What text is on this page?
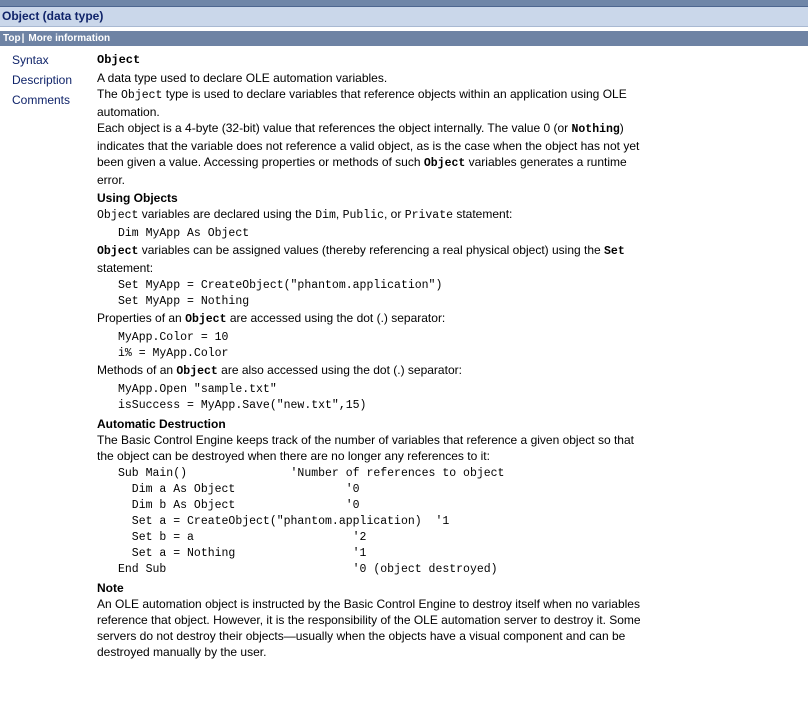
Object (data type)
Top| More information
Syntax
Description
Comments
Object

A data type used to declare OLE automation variables.

The Object type is used to declare variables that reference objects within an application using OLE automation.

Each object is a 4-byte (32-bit) value that references the object internally. The value 0 (or Nothing) indicates that the variable does not reference a valid object, as is the case when the object has not yet been given a value. Accessing properties or methods of such Object variables generates a runtime error.

Using Objects

Object variables are declared using the Dim, Public, or Private statement:

Dim MyApp As Object

Object variables can be assigned values (thereby referencing a real physical object) using the Set statement:

Set MyApp = CreateObject("phantom.application")
Set MyApp = Nothing

Properties of an Object are accessed using the dot (.) separator:

MyApp.Color = 10
i% = MyApp.Color

Methods of an Object are also accessed using the dot (.) separator:

MyApp.Open "sample.txt"
isSuccess = MyApp.Save("new.txt",15)
Automatic Destruction

The Basic Control Engine keeps track of the number of variables that reference a given object so that the object can be destroyed when there are no longer any references to it:

Sub Main()               'Number of references to object
Dim a As Object                '0
Dim b As Object                '0
Set a = CreateObject("phantom.application)  '1
Set b = a                       '2
Set a = Nothing                 '1
End Sub                           '0 (object destroyed)
Note

An OLE automation object is instructed by the Basic Control Engine to destroy itself when no variables reference that object. However, it is the responsibility of the OLE automation server to destroy it. Some servers do not destroy their objects—usually when the objects have a visual component and can be destroyed manually by the user.
